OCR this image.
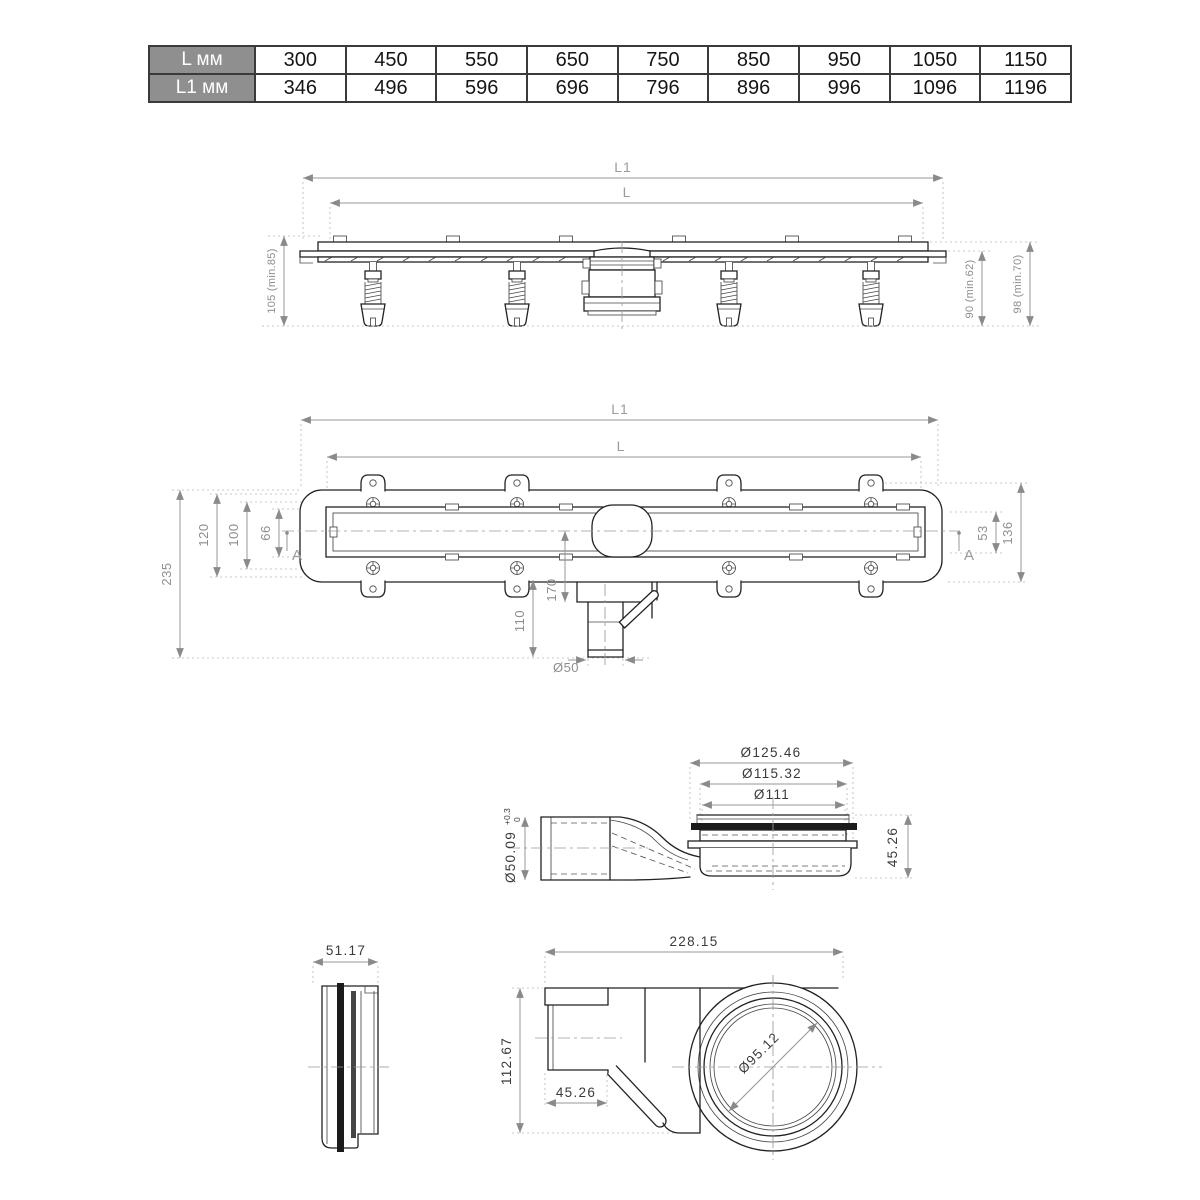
L мм	300	450	550	650	750	850	950	1050	1150
L1 мм	346	496	596	696	796	896	996	1096	1196
L1
L
105 (min.85)	90 (min.62)	98 (min.70)
L1
L
A	A
235
120 100 66	53 136
110
170
Ø50
Ø125.46
Ø115.32
Ø111
Ø50.09
+0.3 0
45.26
51.17
228.15
112.67
45.26
Ø95.12
